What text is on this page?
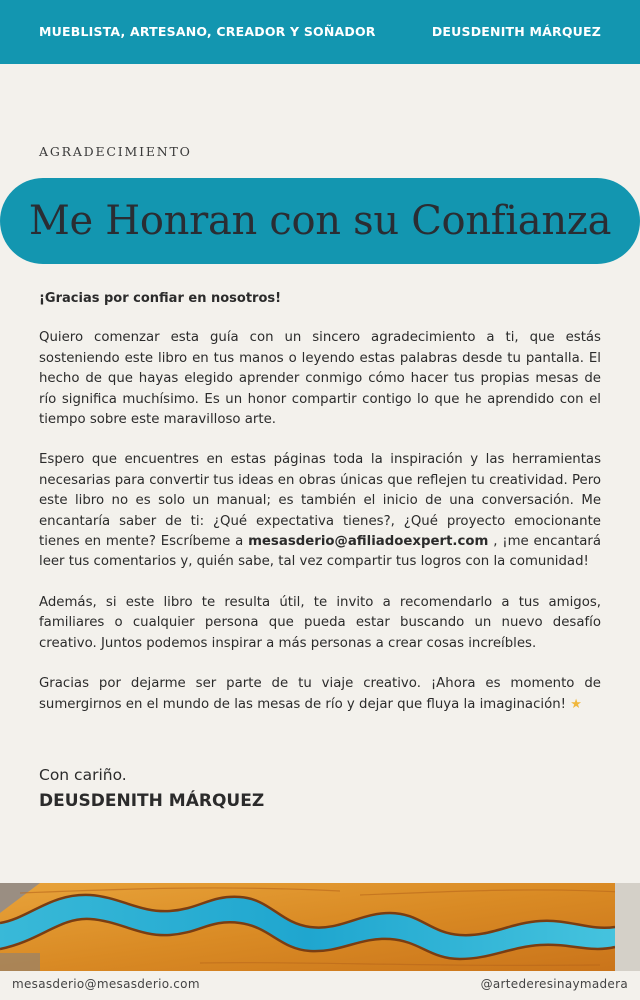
MUEBLISTA, ARTESANO, CREADOR Y SOÑADOR	DEUSDENITH MÁRQUEZ
AGRADECIMIENTO
Me Honran con su Confianza

¡Gracias por confiar en nosotros!

Quiero comenzar esta guía con un sincero agradecimiento a ti, que estás sosteniendo este libro en tus manos o leyendo estas palabras desde tu pantalla. El hecho de que hayas elegido aprender conmigo cómo hacer tus propias mesas de río significa muchísimo. Es un honor compartir contigo lo que he aprendido con el tiempo sobre este maravilloso arte.

Espero que encuentres en estas páginas toda la inspiración y las herramientas necesarias para convertir tus ideas en obras únicas que reflejen tu creatividad. Pero este libro no es solo un manual; es también el inicio de una conversación. Me encantaría saber de ti: ¿Qué expectativa tienes?, ¿Qué proyecto emocionante tienes en mente? Escríbeme a mesasderio@afiliadoexpert.com , ¡me encantará leer tus comentarios y, quién sabe, tal vez compartir tus logros con la comunidad!

Además, si este libro te resulta útil, te invito a recomendarlo a tus amigos, familiares o cualquier persona que pueda estar buscando un nuevo desafío creativo. Juntos podemos inspirar a más personas a crear cosas increíbles.

Gracias por dejarme ser parte de tu viaje creativo. ¡Ahora es momento de sumergirnos en el mundo de las mesas de río y dejar que fluya la imaginación! ★

Con cariño.
DEUSDENITH MÁRQUEZ
mesasderio@mesasderio.com	@artederesinaymadera
